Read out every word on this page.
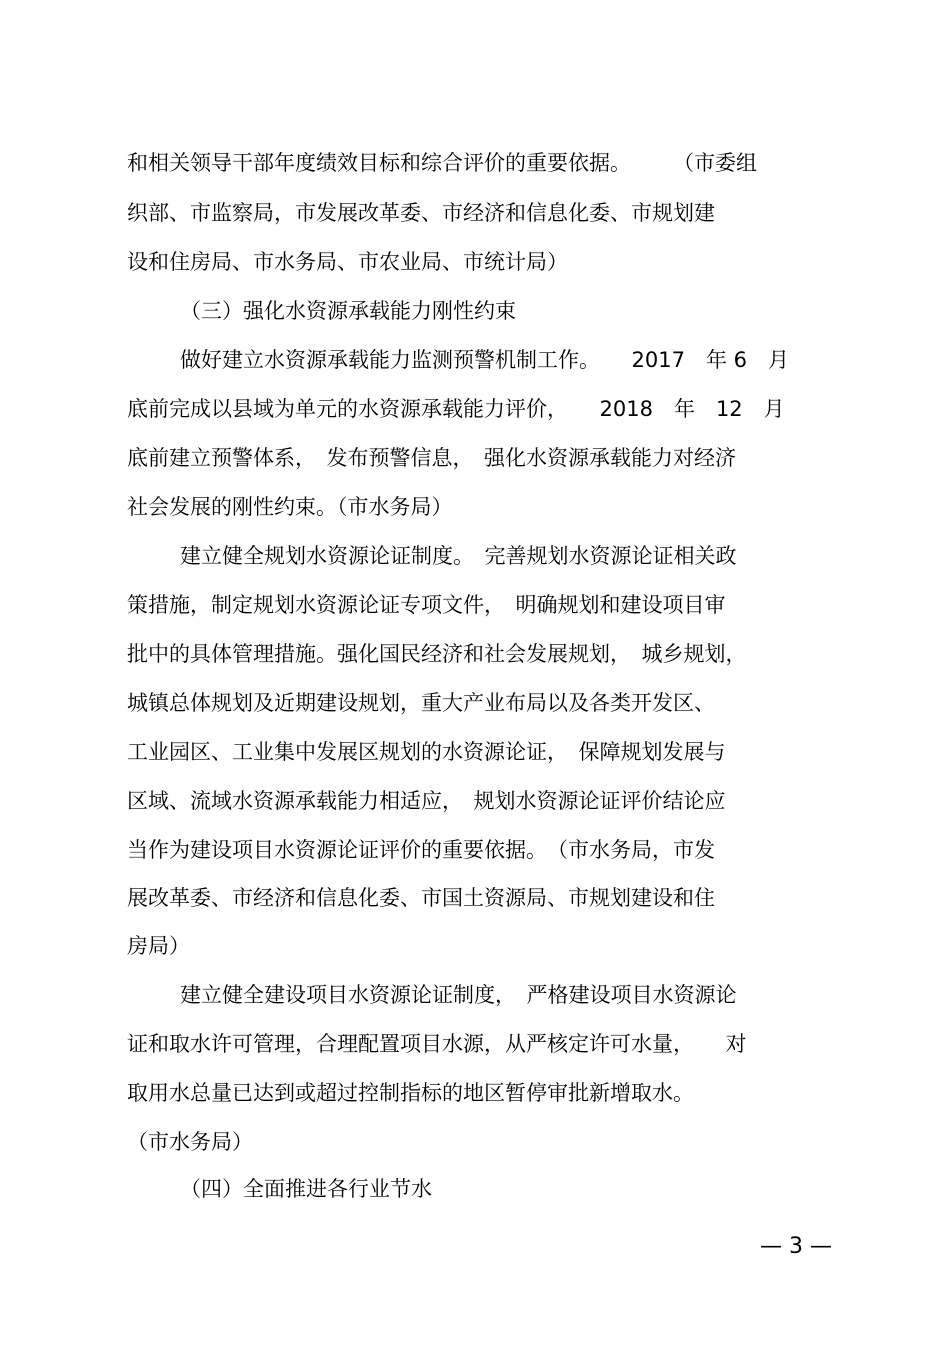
和相关领导干部年度绩效目标和综合评价的重要依据。　　　（市委组
织部、市监察局，市发展改革委、市经济和信息化委、市规划建
设和住房局、市水务局、市农业局、市统计局）
（三）强化水资源承载能力刚性约束
做好建立水资源承载能力监测预警机制工作。　　2017　年 6　月
底前完成以县域为单元的水资源承载能力评价，　　2018　年　12　月
底前建立预警体系，　发布预警信息，　强化水资源承载能力对经济
社会发展的刚性约束。（市水务局）
建立健全规划水资源论证制度。　完善规划水资源论证相关政
策措施，制定规划水资源论证专项文件，　明确规划和建设项目审
批中的具体管理措施。强化国民经济和社会发展规划，　城乡规划，
城镇总体规划及近期建设规划，重大产业布局以及各类开发区、
工业园区、工业集中发展区规划的水资源论证，　保障规划发展与
区域、流域水资源承载能力相适应，　规划水资源论证评价结论应
当作为建设项目水资源论证评价的重要依据。　（市水务局，市发
展改革委、市经济和信息化委、市国土资源局、市规划建设和住
房局）
建立健全建设项目水资源论证制度，　严格建设项目水资源论
证和取水许可管理，合理配置项目水源，从严核定许可水量，　　对
取用水总量已达到或超过控制指标的地区暂停审批新增取水。
（市水务局）
（四）全面推进各行业节水
— 3 —
